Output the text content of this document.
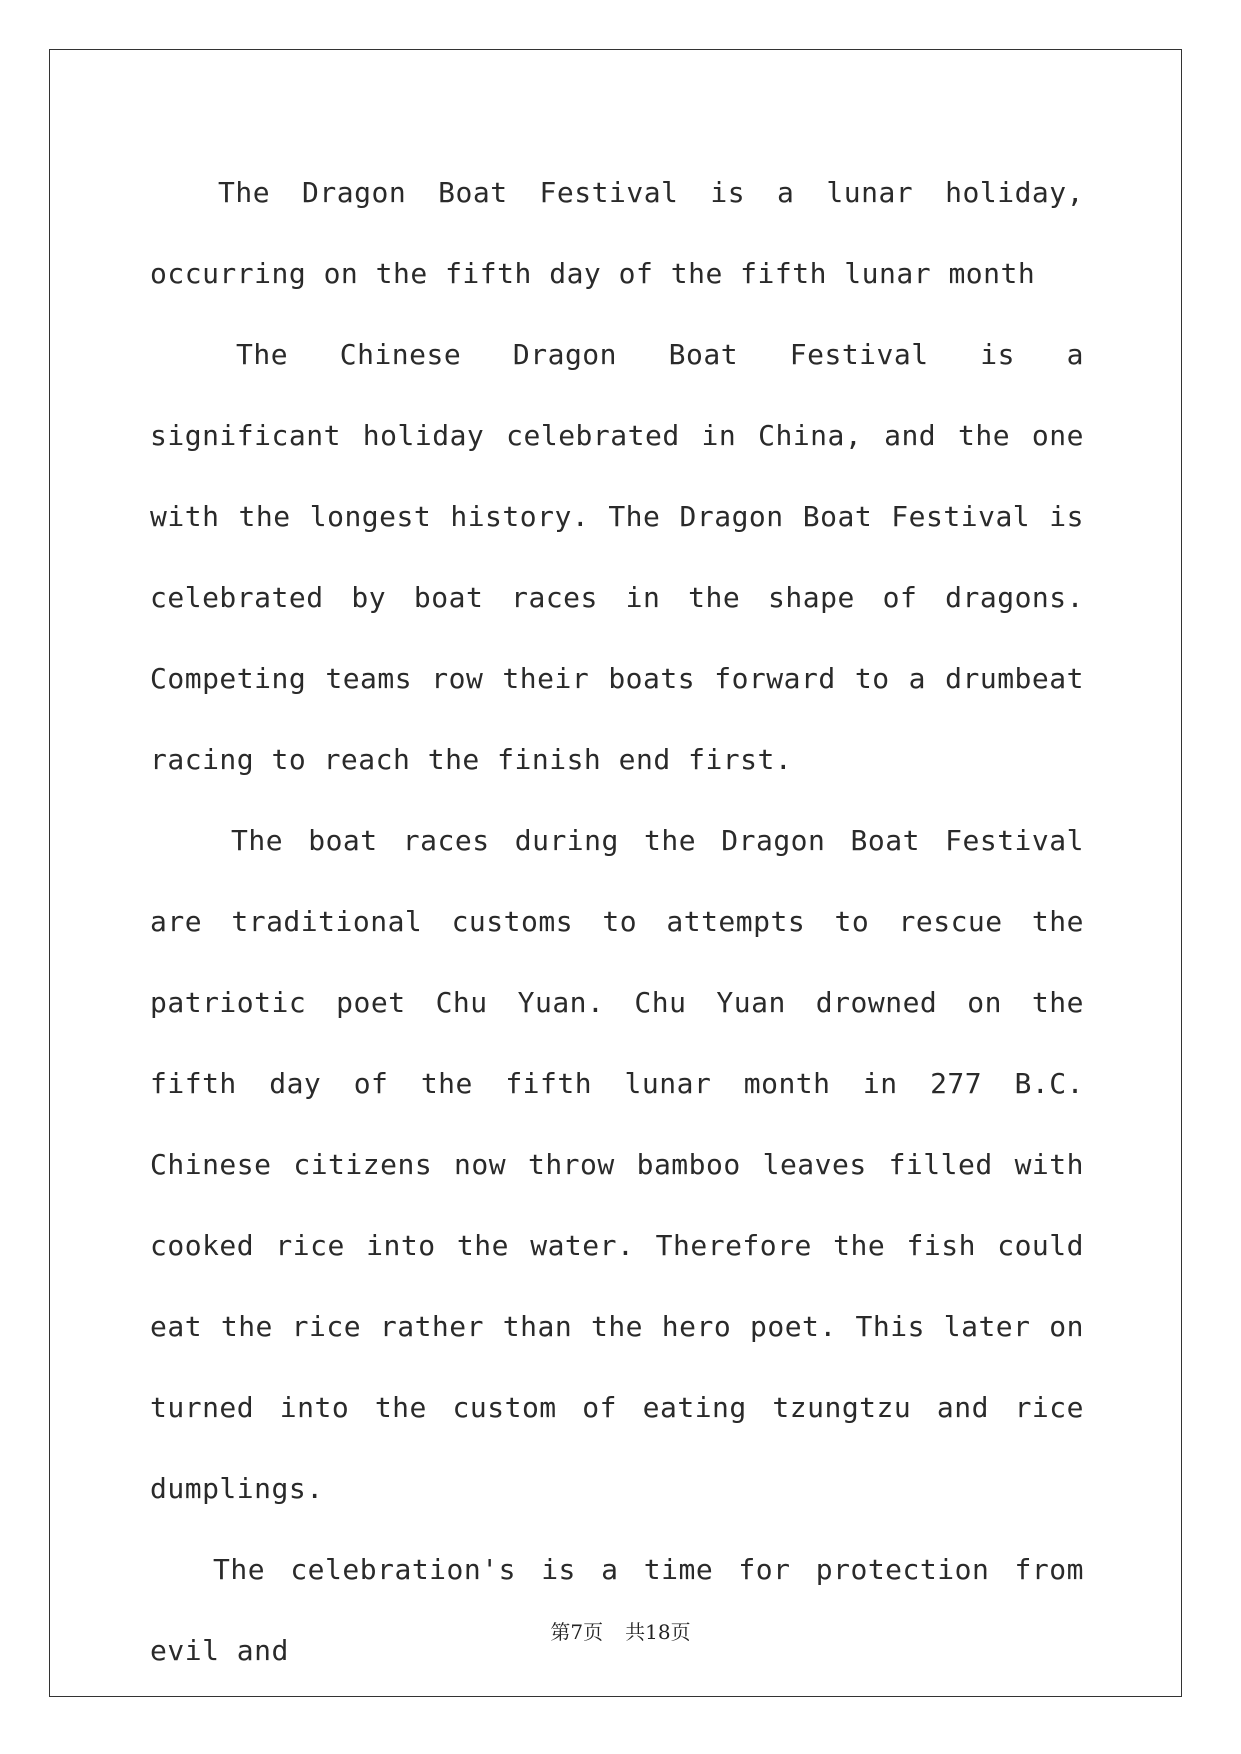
The Dragon Boat Festival is a lunar holiday, occurring on the fifth day of the fifth lunar month

The Chinese Dragon Boat Festival is a significant holiday celebrated in China, and the one with the longest history. The Dragon Boat Festival is celebrated by boat races in the shape of dragons. Competing teams row their boats forward to a drumbeat racing to reach the finish end first.

The boat races during the Dragon Boat Festival are traditional customs to attempts to rescue the patriotic poet Chu Yuan. Chu Yuan drowned on the fifth day of the fifth lunar month in 277 B.C. Chinese citizens now throw bamboo leaves filled with cooked rice into the water. Therefore the fish could eat the rice rather than the hero poet. This later on turned into the custom of eating tzungtzu and rice dumplings.

The celebration's is a time for protection from evil and

第7页 共18页
